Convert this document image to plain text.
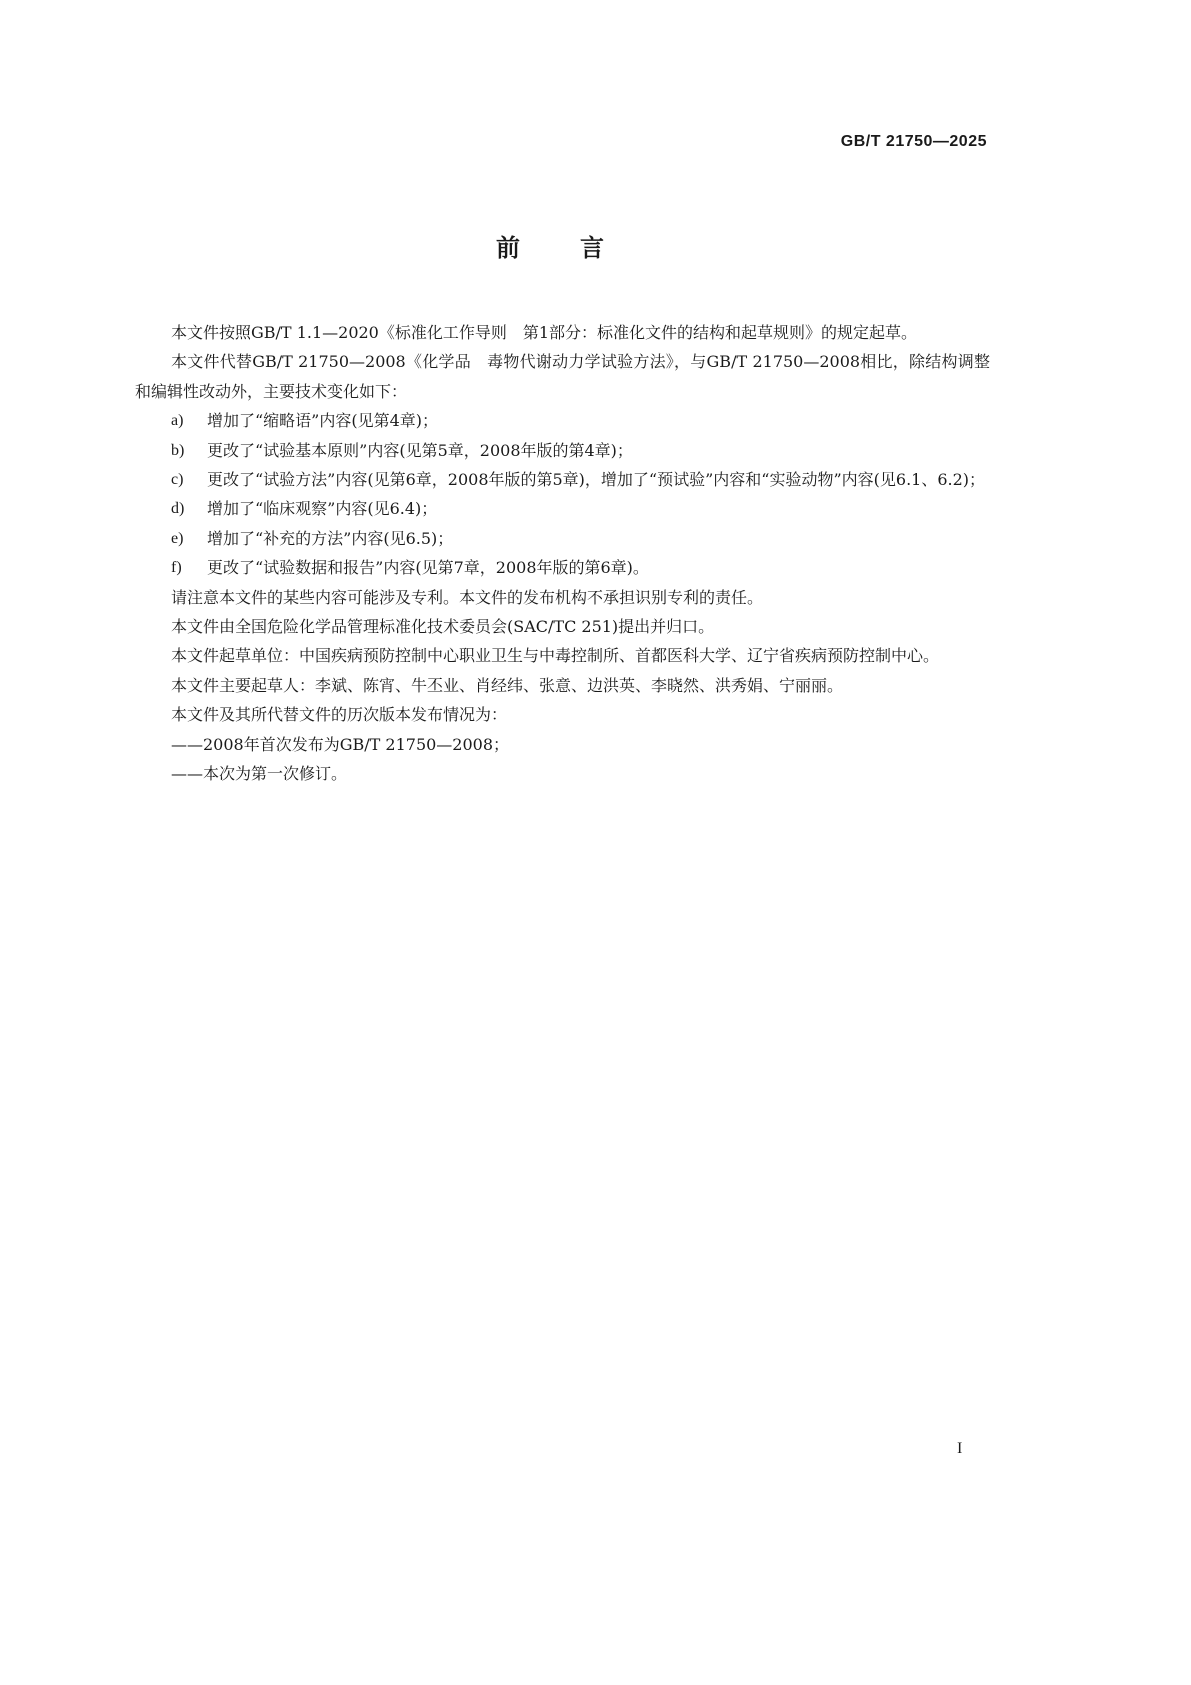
GB/T 21750—2025
前言

本文件按照GB/T 1.1—2020《标准化工作导则　第1部分：标准化文件的结构和起草规则》的规定起草。

本文件代替GB/T 21750—2008《化学品　毒物代谢动力学试验方法》，与GB/T 21750—2008相比，除结构调整和编辑性改动外，主要技术变化如下：

a) 增加了“缩略语”内容(见第4章)；

b) 更改了“试验基本原则”内容(见第5章，2008年版的第4章)；

c) 更改了“试验方法”内容(见第6章，2008年版的第5章)，增加了“预试验”内容和“实验动物”内容(见6.1、6.2)；

d) 增加了“临床观察”内容(见6.4)；

e) 增加了“补充的方法”内容(见6.5)；

f) 更改了“试验数据和报告”内容(见第7章，2008年版的第6章)。

请注意本文件的某些内容可能涉及专利。本文件的发布机构不承担识别专利的责任。

本文件由全国危险化学品管理标准化技术委员会(SAC/TC 251)提出并归口。

本文件起草单位：中国疾病预防控制中心职业卫生与中毒控制所、首都医科大学、辽宁省疾病预防控制中心。

本文件主要起草人：李斌、陈宵、牛丕业、肖经纬、张意、边洪英、李晓然、洪秀娟、宁丽丽。

本文件及其所代替文件的历次版本发布情况为：

——2008年首次发布为GB/T 21750—2008；

——本次为第一次修订。

I
